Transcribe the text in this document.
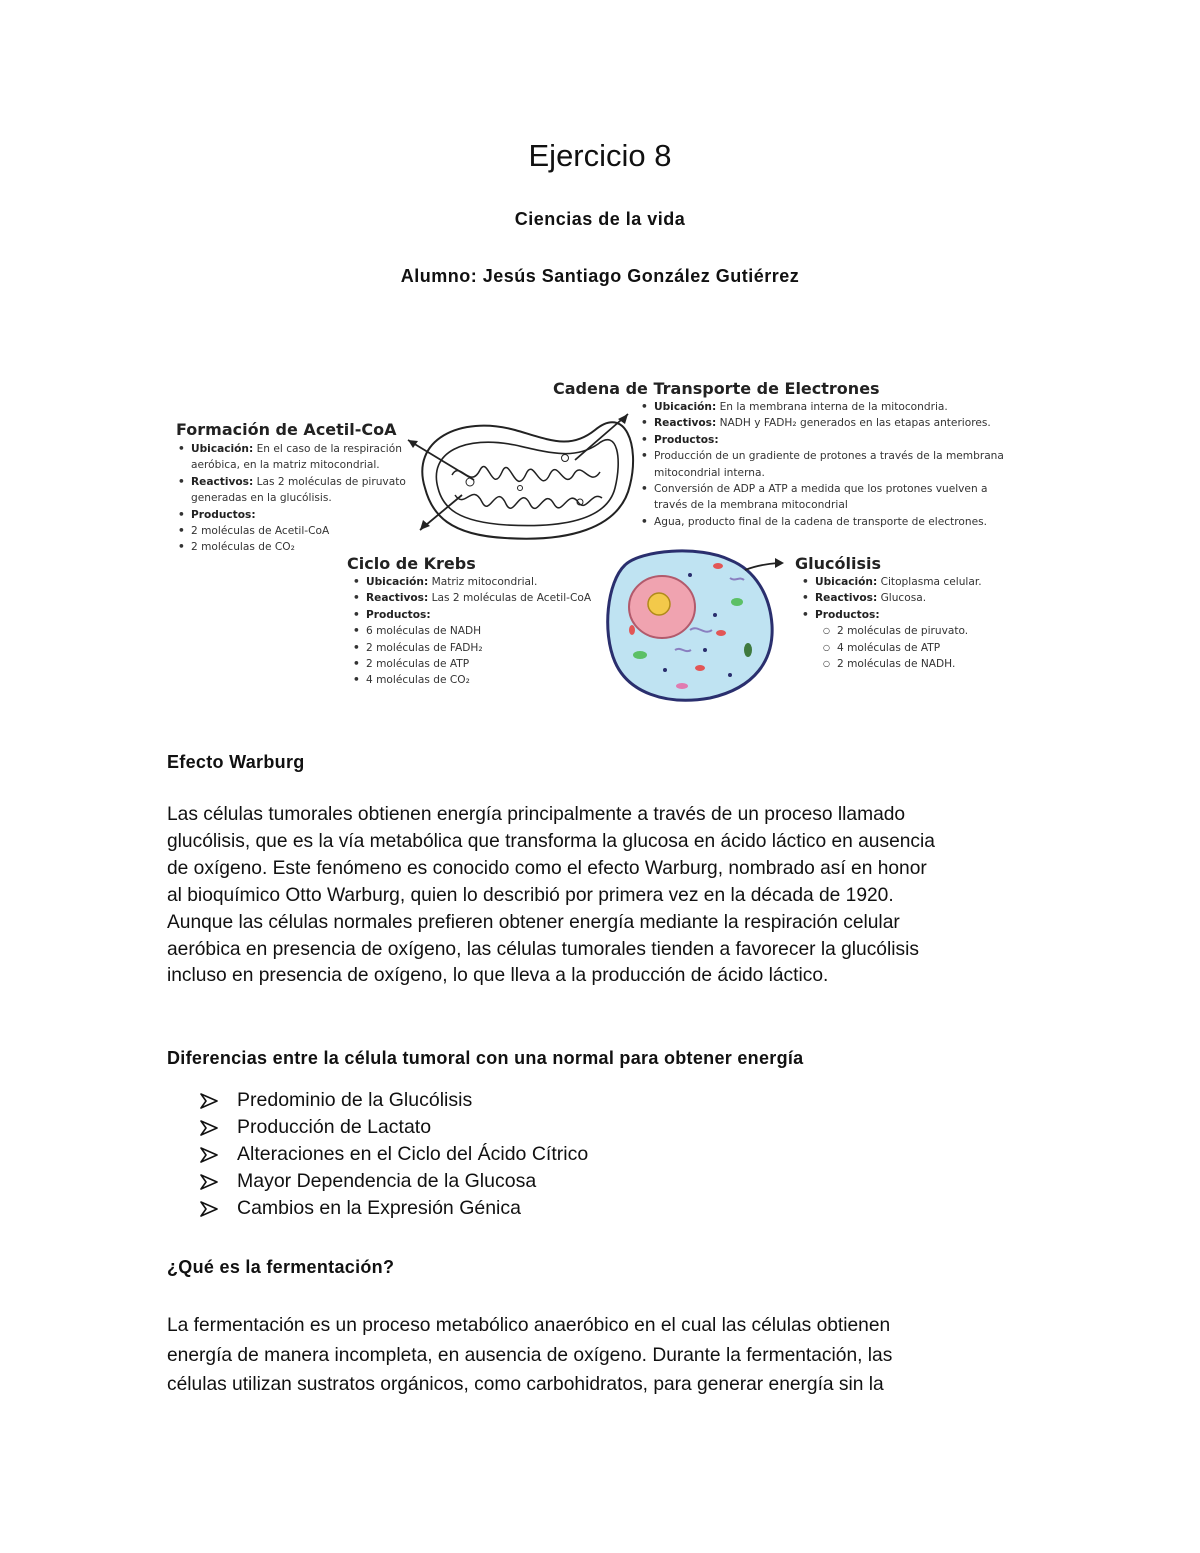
Ejercicio 8
Ciencias de la vida
Alumno: Jesús Santiago González Gutiérrez
Formación de Acetil-CoA
• Ubicación: En el caso de la respiración
aeróbica, en la matriz mitocondrial.
• Reactivos: Las 2 moléculas de piruvato
generadas en la glucólisis.
• Productos:
• 2 moléculas de Acetil-CoA
• 2 moléculas de CO₂
Cadena de Transporte de Electrones
• Ubicación: En la membrana interna de la mitocondria.
• Reactivos: NADH y FADH₂ generados en las etapas anteriores.
• Productos:
• Producción de un gradiente de protones a través de la membrana
mitocondrial interna.
• Conversión de ADP a ATP a medida que los protones vuelven a
través de la membrana mitocondrial
• Agua, producto final de la cadena de transporte de electrones.
Ciclo de Krebs
• Ubicación: Matriz mitocondrial.
• Reactivos: Las 2 moléculas de Acetil-CoA
• Productos:
• 6 moléculas de NADH
• 2 moléculas de FADH₂
• 2 moléculas de ATP
• 4 moléculas de CO₂
Glucólisis
• Ubicación: Citoplasma celular.
• Reactivos: Glucosa.
• Productos:
○ 2 moléculas de piruvato.
○ 4 moléculas de ATP
○ 2 moléculas de NADH.
Efecto Warburg

Las células tumorales obtienen energía principalmente a través de un proceso llamado
glucólisis, que es la vía metabólica que transforma la glucosa en ácido láctico en ausencia
de oxígeno. Este fenómeno es conocido como el efecto Warburg, nombrado así en honor
al bioquímico Otto Warburg, quien lo describió por primera vez en la década de 1920.
Aunque las células normales prefieren obtener energía mediante la respiración celular
aeróbica en presencia de oxígeno, las células tumorales tienden a favorecer la glucólisis
incluso en presencia de oxígeno, lo que lleva a la producción de ácido láctico.

Diferencias entre la célula tumoral con una normal para obtener energía
Predominio de la Glucólisis
Producción de Lactato
Alteraciones en el Ciclo del Ácido Cítrico
Mayor Dependencia de la Glucosa
Cambios en la Expresión Génica
¿Qué es la fermentación?

La fermentación es un proceso metabólico anaeróbico en el cual las células obtienen
energía de manera incompleta, en ausencia de oxígeno. Durante la fermentación, las
células utilizan sustratos orgánicos, como carbohidratos, para generar energía sin la
